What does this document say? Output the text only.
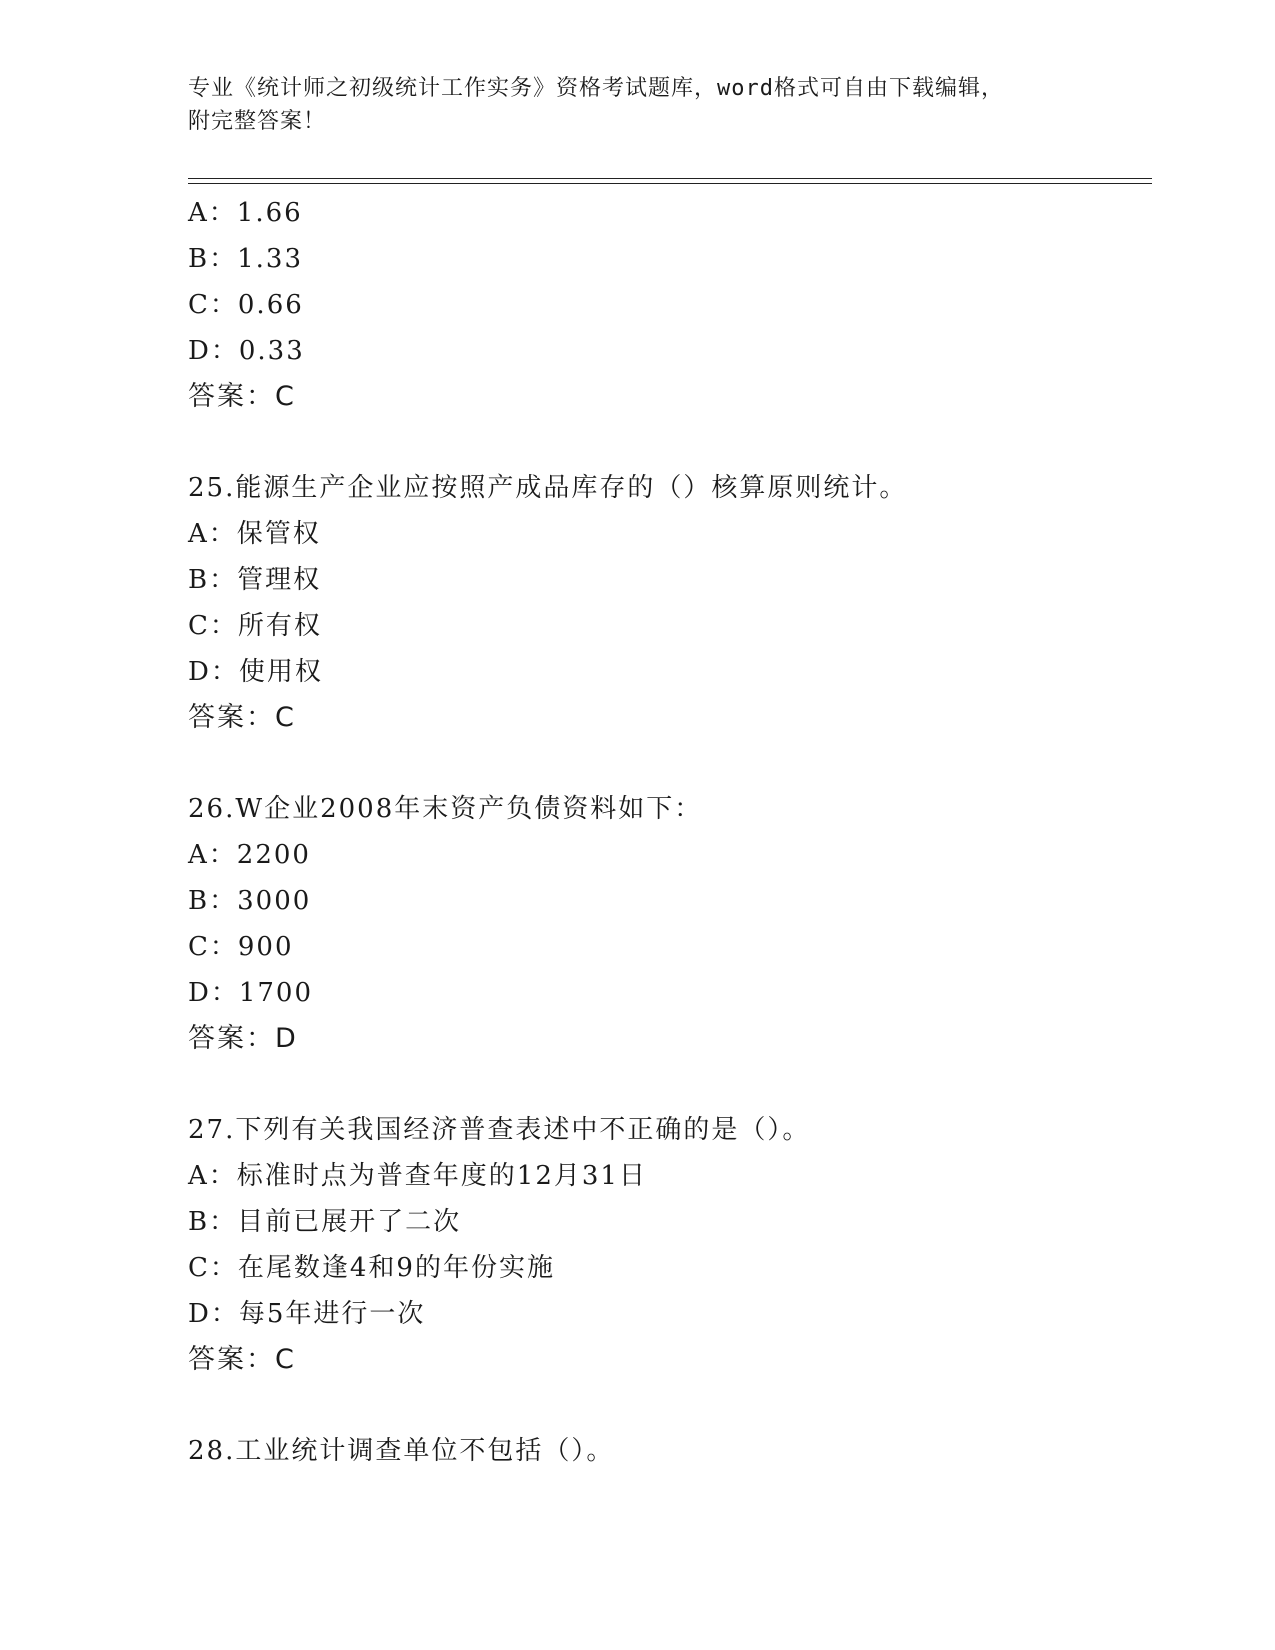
专业《统计师之初级统计工作实务》资格考试题库，word格式可自由下载编辑，
附完整答案！
A：1.66
B：1.33
C：0.66
D：0.33
答案：C
25.能源生产企业应按照产成品库存的（）核算原则统计。
A：保管权
B：管理权
C：所有权
D：使用权
答案：C
26.W企业2008年末资产负债资料如下：
A：2200
B：3000
C：900
D：1700
答案：D
27.下列有关我国经济普查表述中不正确的是（）。
A：标准时点为普查年度的12月31日
B：目前已展开了二次
C：在尾数逢4和9的年份实施
D：每5年进行一次
答案：C
28.工业统计调查单位不包括（）。
